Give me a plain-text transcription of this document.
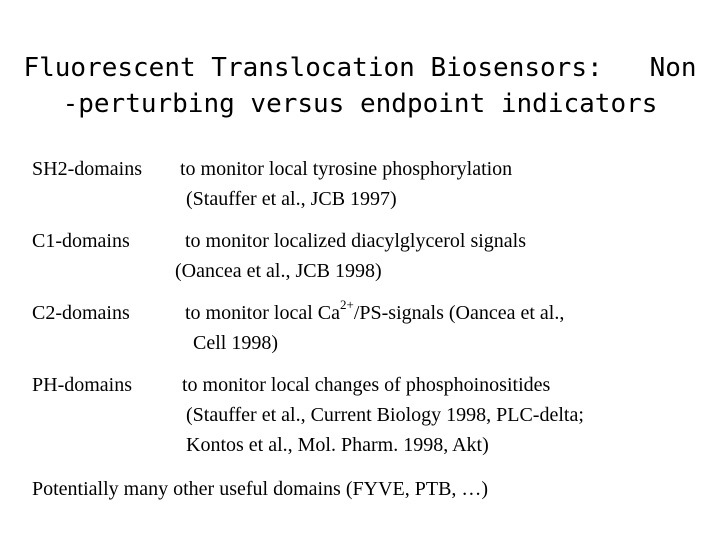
Fluorescent Translocation Biosensors:   Non
-perturbing versus endpoint indicators
SH2-domains to monitor local tyrosine phosphorylation
(Stauffer et al., JCB 1997)
C1-domains	to monitor localized diacylglycerol signals
(Oancea et al., JCB 1998)
C2-domains	to monitor local $Ca^{2+}/PS$-signals (Oancea et al.,
Cell 1998)
PH-domains	to monitor local changes of phosphoinositides
(Stauffer et al., Current Biology 1998, PLC-delta;
Kontos et al., Mol. Pharm. 1998, Akt)
Potentially many other useful domains (FYVE, PTB, …)
